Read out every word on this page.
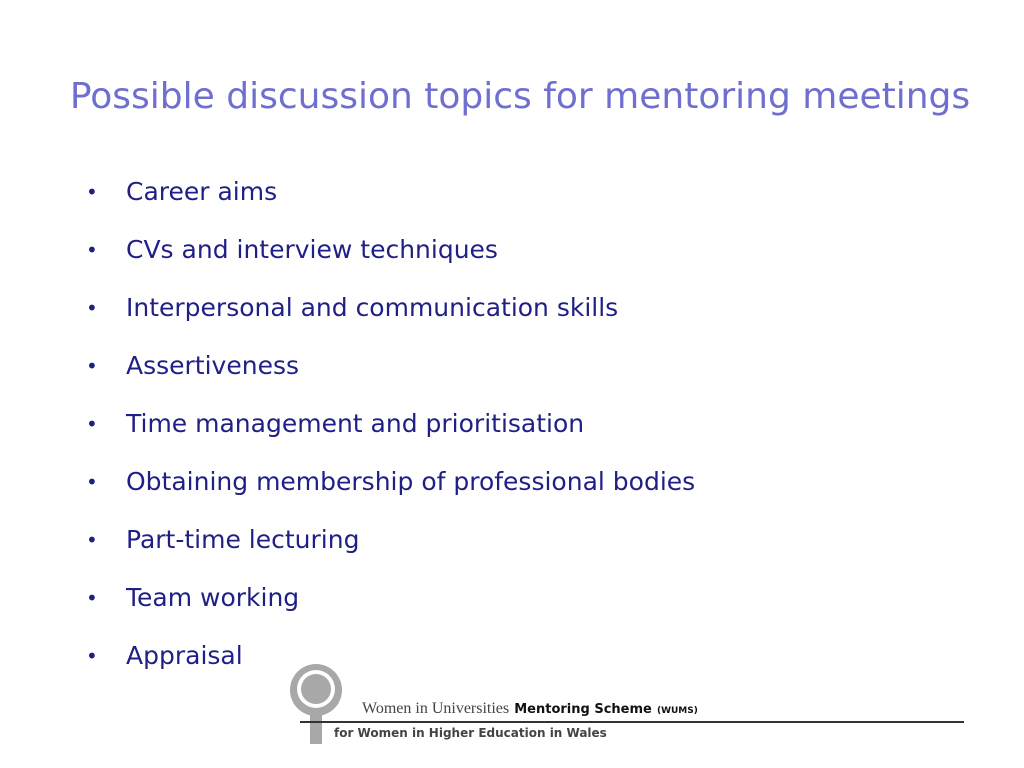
Possible discussion topics for mentoring meetings
•	Career aims
•	CVs and interview techniques
•	Interpersonal and communication skills
•	Assertiveness
•	Time management and prioritisation
•	Obtaining membership of professional bodies
•	Part-time lecturing
•	Team working
•	Appraisal
Women in Universities Mentoring Scheme (WUMS)
for Women in Higher Education in Wales
